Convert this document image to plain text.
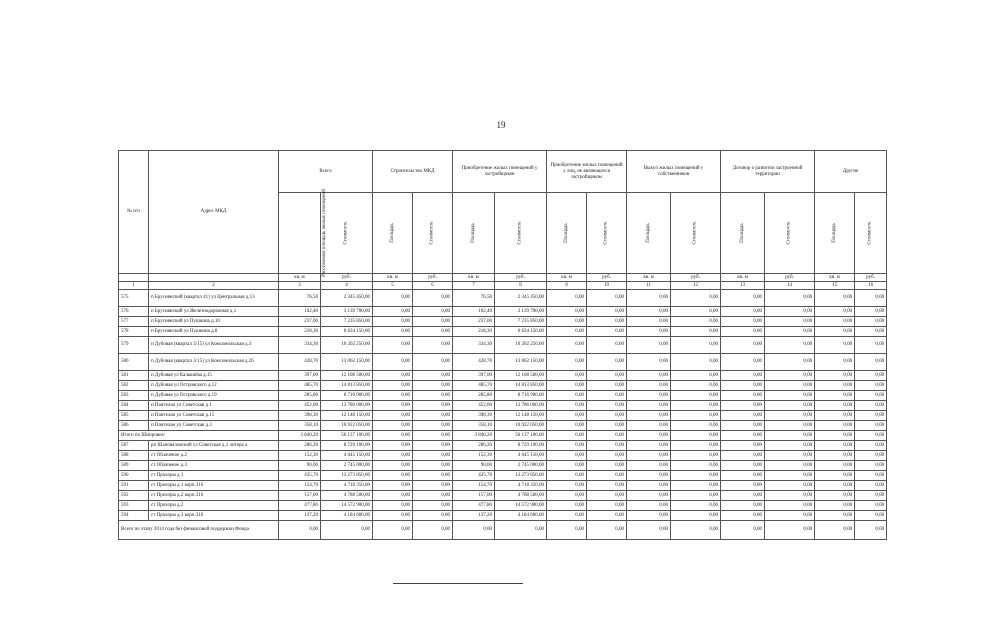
19
№ п/п	Адрес МКД	Всего		Строительство МКД		Приобретение жилых помещений у застройщиков		Приобретение жилых помещений у лиц, не являющихся застройщиком		Выкуп жилых помещений у собственников		Договор о развитии застроенной территории		Другие	
		Расселяемая площадь жилых помещений	Стоимость	Площадь	Стоимость	Площадь	Стоимость	Площадь	Стоимость	Площадь	Стоимость	Площадь	Стоимость	Площадь	Стоимость
		кв. м	руб.	кв. м	руб.	кв. м	руб.	кв. м	руб.	кв. м	руб.	кв. м	руб.	кв. м	руб.
1	2	3	4	5	6	7	8	9	10	11	12	13	14	15	16
575	п Бруснянский (квартал 41) ул Центральная д.13	76,50	2 345 450,00	0,00	0,00	76,50	2 345 450,00	0,00	0,00	0,00	0,00	0,00	0,00	0,00	0,00
576	п Бруснянский ул Железнодорожная д.1	102,40	3 139 700,00	0,00	0,00	102,40	3 139 700,00	0,00	0,00	0,00	0,00	0,00	0,00	0,00	0,00
577	п Бруснянский ул Пушкина д.10	237,00	7 235 850,00	0,00	0,00	237,00	7 235 850,00	0,00	0,00	0,00	0,00	0,00	0,00	0,00	0,00
578	п Бруснянский ул Пушкина д.8	218,30	6 634 150,00	0,00	0,00	218,30	6 634 150,00	0,00	0,00	0,00	0,00	0,00	0,00	0,00	0,00
579	п Дубовая (квартал 3/15) ул Комсомольская д.3	334,30	10 202 250,00	0,00	0,00	334,30	10 202 250,00	0,00	0,00	0,00	0,00	0,00	0,00	0,00	0,00
580	п Дубовая (квартал 3/15) ул Комсомольская д.26	428,70	13 062 150,00	0,00	0,00	428,70	13 062 150,00	0,00	0,00	0,00	0,00	0,00	0,00	0,00	0,00
581	п Дубовая ул Калышёва д.15	397,00	12 108 500,00	0,00	0,00	397,00	12 108 500,00	0,00	0,00	0,00	0,00	0,00	0,00	0,00	0,00
582	п Дубовая ул Островского д.12	485,70	14 813 850,00	0,00	0,00	485,70	14 813 850,00	0,00	0,00	0,00	0,00	0,00	0,00	0,00	0,00
583	п Дубовая ул Островского д.19	285,80	8 716 900,00	0,00	0,00	285,80	8 716 900,00	0,00	0,00	0,00	0,00	0,00	0,00	0,00	0,00
584	п Пантелан ул Советская д.1	452,00	13 786 000,00	0,00	0,00	452,00	13 786 000,00	0,00	0,00	0,00	0,00	0,00	0,00	0,00	0,00
585	п Пантелан ул Советская д.15	398,30	12 148 150,00	0,00	0,00	398,30	12 148 150,00	0,00	0,00	0,00	0,00	0,00	0,00	0,00	0,00
586	п Пантелан ул Советская д.3	358,10	10 922 050,00	0,00	0,00	358,10	10 922 050,00	0,00	0,00	0,00	0,00	0,00	0,00	0,00	0,00
Итого по Шипровое:		3 840,20	56 137 100,00	0,00	0,00	3 840,20	56 137 100,00	0,00	0,00	0,00	0,00	0,00	0,00	0,00	0,00
587	рп Шаповаловский ул Советская д.1 литера а	286,20	8 729 100,00	0,00	0,00	286,20	8 729 100,00	0,00	0,00	0,00	0,00	0,00	0,00	0,00	0,00
588	ст Облаченое д.2	152,30	4 645 150,00	0,00	0,00	152,30	4 645 150,00	0,00	0,00	0,00	0,00	0,00	0,00	0,00	0,00
589	ст Облаченое д.3	90,00	2 745 000,00	0,00	0,00	90,00	2 745 000,00	0,00	0,00	0,00	0,00	0,00	0,00	0,00	0,00
590	ст Прохоры д.1	435,70	13 273 850,00	0,00	0,00	435,70	13 273 850,00	0,00	0,00	0,00	0,00	0,00	0,00	0,00	0,00
591	ст Прохоры д.1 корп.316	154,70	4 718 350,00	0,00	0,00	154,70	4 718 350,00	0,00	0,00	0,00	0,00	0,00	0,00	0,00	0,00
592	ст Прохоры д.2 корп.316	157,00	4 788 500,00	0,00	0,00	157,00	4 788 500,00	0,00	0,00	0,00	0,00	0,00	0,00	0,00	0,00
593	ст Прохоры д.2	477,80	14 572 900,00	0,00	0,00	477,80	14 572 900,00	0,00	0,00	0,00	0,00	0,00	0,00	0,00	0,00
594	ст Прохоры д.3 корп.316	137,20	4 184 600,00	0,00	0,00	137,20	4 184 600,00	0,00	0,00	0,00	0,00	0,00	0,00	0,00	0,00
Всего по этапу 2014 года без финансовой поддержки Фонда		0,00	0,00	0,00	0,00	0,00	0,00	0,00	0,00	0,00	0,00	0,00	0,00	0,00	0,00
